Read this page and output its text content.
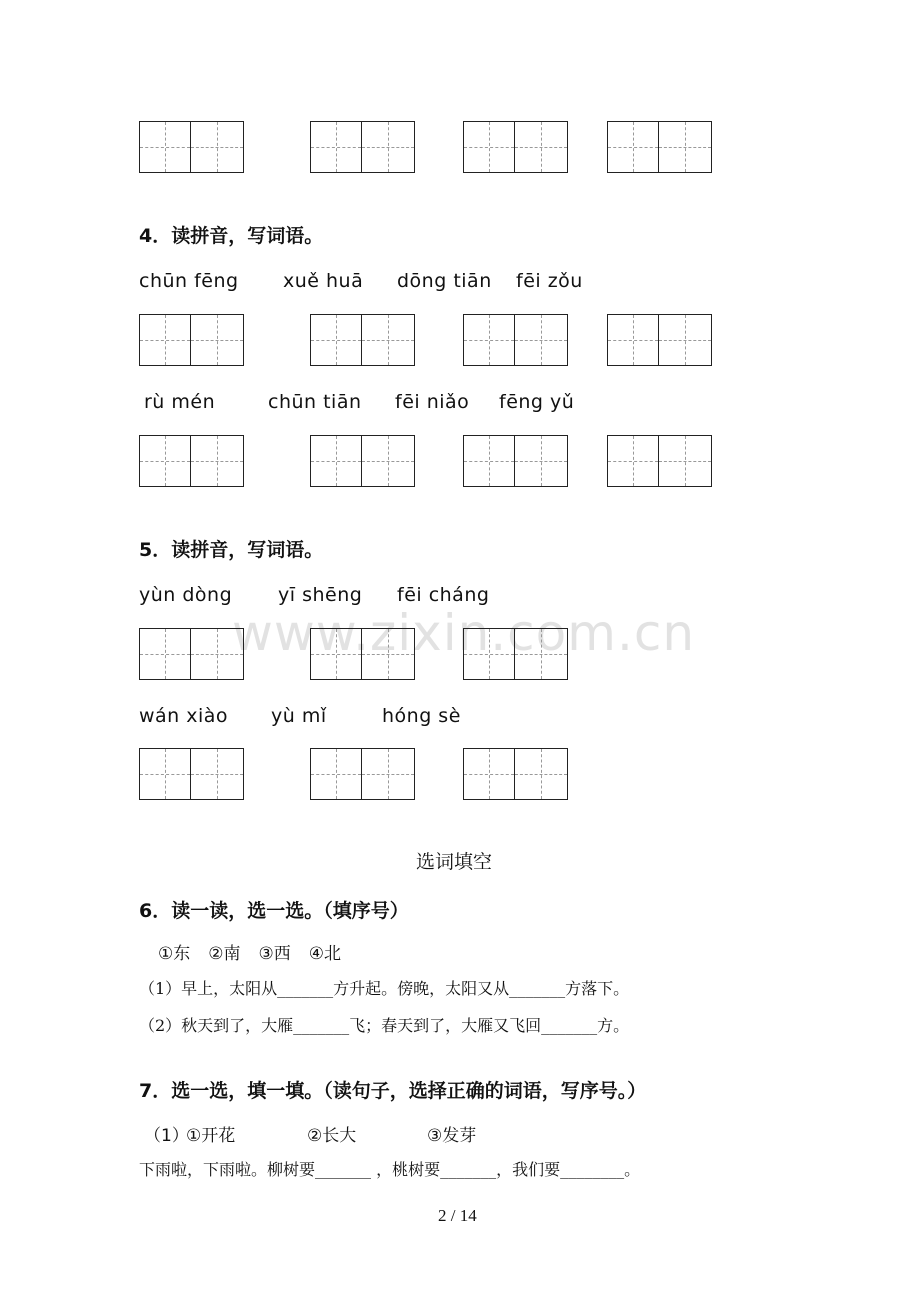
www.zixin.com.cn
4．读拼音，写词语。
chūn fēng xuě huā dōng tiān fēi zǒu
rù mén	chūn tiān fēi niǎo fēng yǔ
5．读拼音，写词语。
yùn dòng yī shēng fēi cháng
wán xiào yù mǐ	hóng sè
选词填空
6．读一读，选一选。（填序号）
①东 ②南 ③西 ④北
（1）早上，太阳从_______方升起。傍晚，太阳又从_______方落下。
（2）秋天到了，大雁_______飞；春天到了，大雁又飞回_______方。
7．选一选，填一填。（读句子，选择正确的词语，写序号。）
（1）
①开花	②长大	③发芽
下雨啦，下雨啦。柳树要_______ ，桃树要_______，我们要________。
2 / 14
